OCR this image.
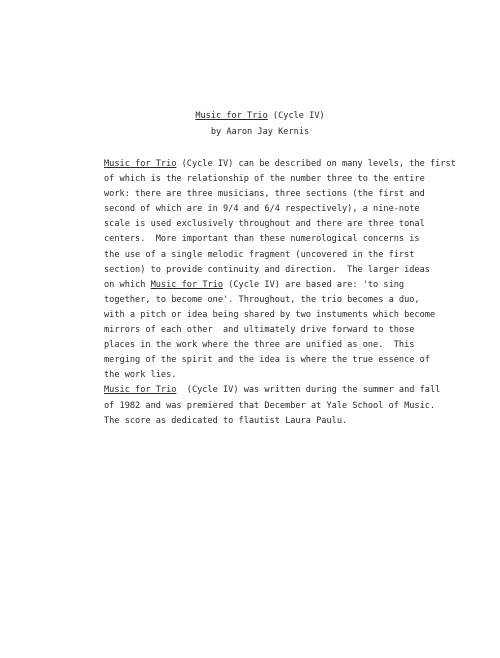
Music for Trio (Cycle IV)
by Aaron Jay Kernis
Music for Trio (Cycle IV) can be described on many levels, the first
of which is the relationship of the number three to the entire
work: there are three musicians, three sections (the first and
second of which are in 9/4 and 6/4 respectively), a nine-note
scale is used exclusively throughout and there are three tonal
centers.  More important than these numerological concerns is
the use of a single melodic fragment (uncovered in the first
section) to provide continuity and direction.  The larger ideas
on which Music for Trio (Cycle IV) are based are: 'to sing
together, to become one'. Throughout, the trio becomes a duo,
with a pitch or idea being shared by two instuments which become
mirrors of each other  and ultimately drive forward to those
places in the work where the three are unified as one.  This
merging of the spirit and the idea is where the true essence of
the work lies.
Music for Trio  (Cycle IV) was written during the summer and fall
of 1982 and was premiered that December at Yale School of Music.
The score as dedicated to flautist Laura Paulu.
